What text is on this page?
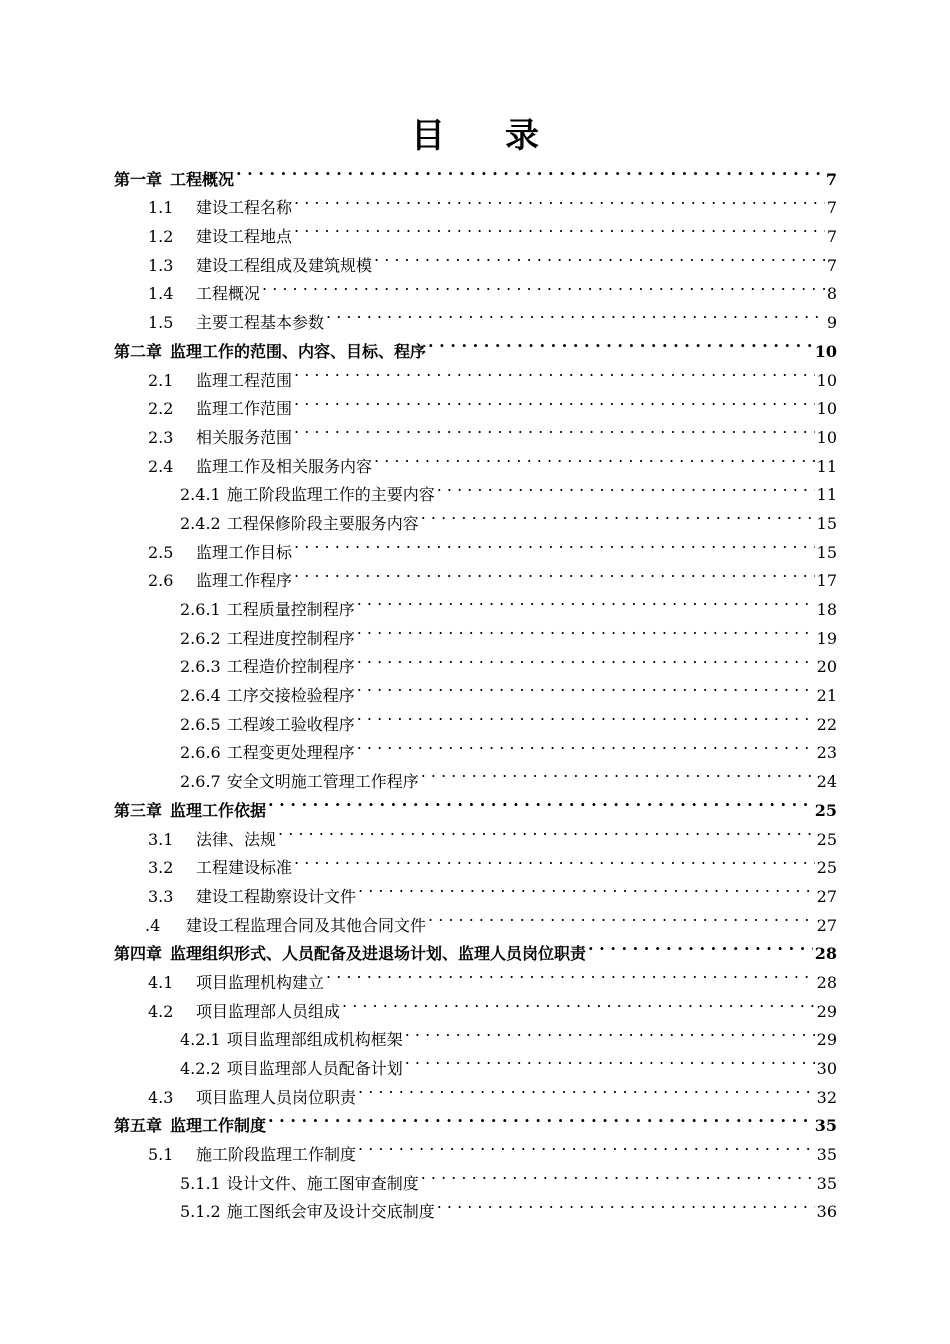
目 录
第一章 工程概况 . . .	7
1.1	建设工程名称 . . .	7
1.2	建设工程地点 . . .	7
1.3	建设工程组成及建筑规模 . . .	7
1.4	工程概况 . . .	8
1.5	主要工程基本参数 . . .	9
第二章 监理工作的范围、内容、目标、程序 . . .	10
2.1	监理工程范围 . . .	10
2.2	监理工作范围 . . .	10
2.3	相关服务范围 . . .	10
2.4	监理工作及相关服务内容 . . .	11
2.4.1 施工阶段监理工作的主要内容 . . .	11
2.4.2 工程保修阶段主要服务内容 . . .	15
2.5	监理工作目标 . . .	15
2.6	监理工作程序 . . .	17
2.6.1 工程质量控制程序 . . .	18
2.6.2 工程进度控制程序 . . .	19
2.6.3 工程造价控制程序 . . .	20
2.6.4 工序交接检验程序 . . .	21
2.6.5 工程竣工验收程序 . . .	22
2.6.6 工程变更处理程序 . . .	23
2.6.7 安全文明施工管理工作程序 . . .	24
第三章 监理工作依据 . . .	25
3.1	法律、法规 . . .	25
3.2	工程建设标准 . . .	25
3.3	建设工程勘察设计文件 . . .	27
.4	建设工程监理合同及其他合同文件 . . .	27
第四章 监理组织形式、人员配备及进退场计划、监理人员岗位职责 . . .	28
4.1	项目监理机构建立 . . .	28
4.2	项目监理部人员组成 . . .	29
4.2.1 项目监理部组成机构框架 . . .	29
4.2.2 项目监理部人员配备计划 . . .	30
4.3	项目监理人员岗位职责 . . .	32
第五章 监理工作制度 . . .	35
5.1	施工阶段监理工作制度 . . .	35
5.1.1 设计文件、施工图审查制度 . . .	35
5.1.2 施工图纸会审及设计交底制度 . . .	36
